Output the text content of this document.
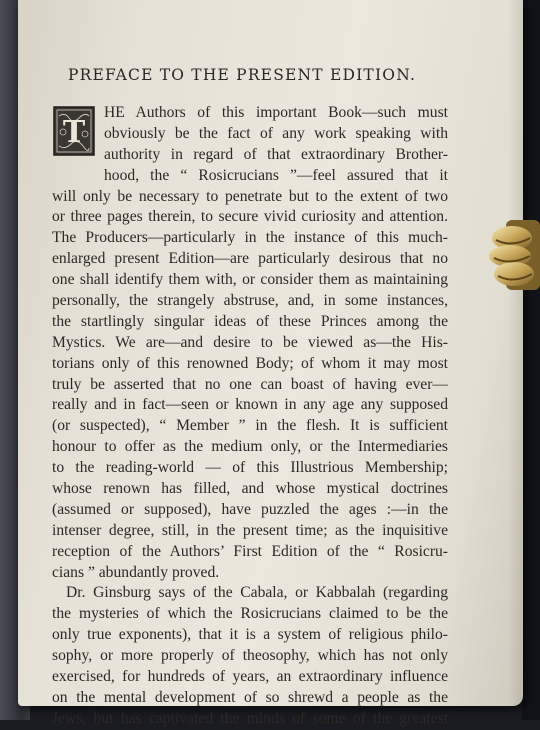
PREFACE TO THE PRESENT EDITION.
T
HE Authors of this important Book—such must
obviously be the fact of any work speaking with
authority in regard of that extraordinary Brother-
hood, the “ Rosicrucians ”—feel assured that it
will only be necessary to penetrate but to the extent of two
or three pages therein, to secure vivid curiosity and attention.
The Producers—particularly in the instance of this much-
enlarged present Edition—are particularly desirous that no
one shall identify them with, or consider them as maintaining
personally, the strangely abstruse, and, in some instances,
the startlingly singular ideas of these Princes among the
Mystics. We are—and desire to be viewed as—the His-
torians only of this renowned Body; of whom it may most
truly be asserted that no one can boast of having ever—
really and in fact—seen or known in any age any supposed
(or suspected), “ Member ” in the flesh. It is sufficient
honour to offer as the medium only, or the Intermediaries
to the reading-world — of this Illustrious Membership;
whose renown has filled, and whose mystical doctrines
(assumed or supposed), have puzzled the ages :—in the
intenser degree, still, in the present time; as the inquisitive
reception of the Authors’ First Edition of the “ Rosicru-
cians ” abundantly proved.
Dr. Ginsburg says of the Cabala, or Kabbalah (regarding
the mysteries of which the Rosicrucians claimed to be the
only true exponents), that it is a system of religious philo-
sophy, or more properly of theosophy, which has not only
exercised, for hundreds of years, an extraordinary influence
on the mental development of so shrewd a people as the
Jews, but has captivated the minds of some of the greatest
